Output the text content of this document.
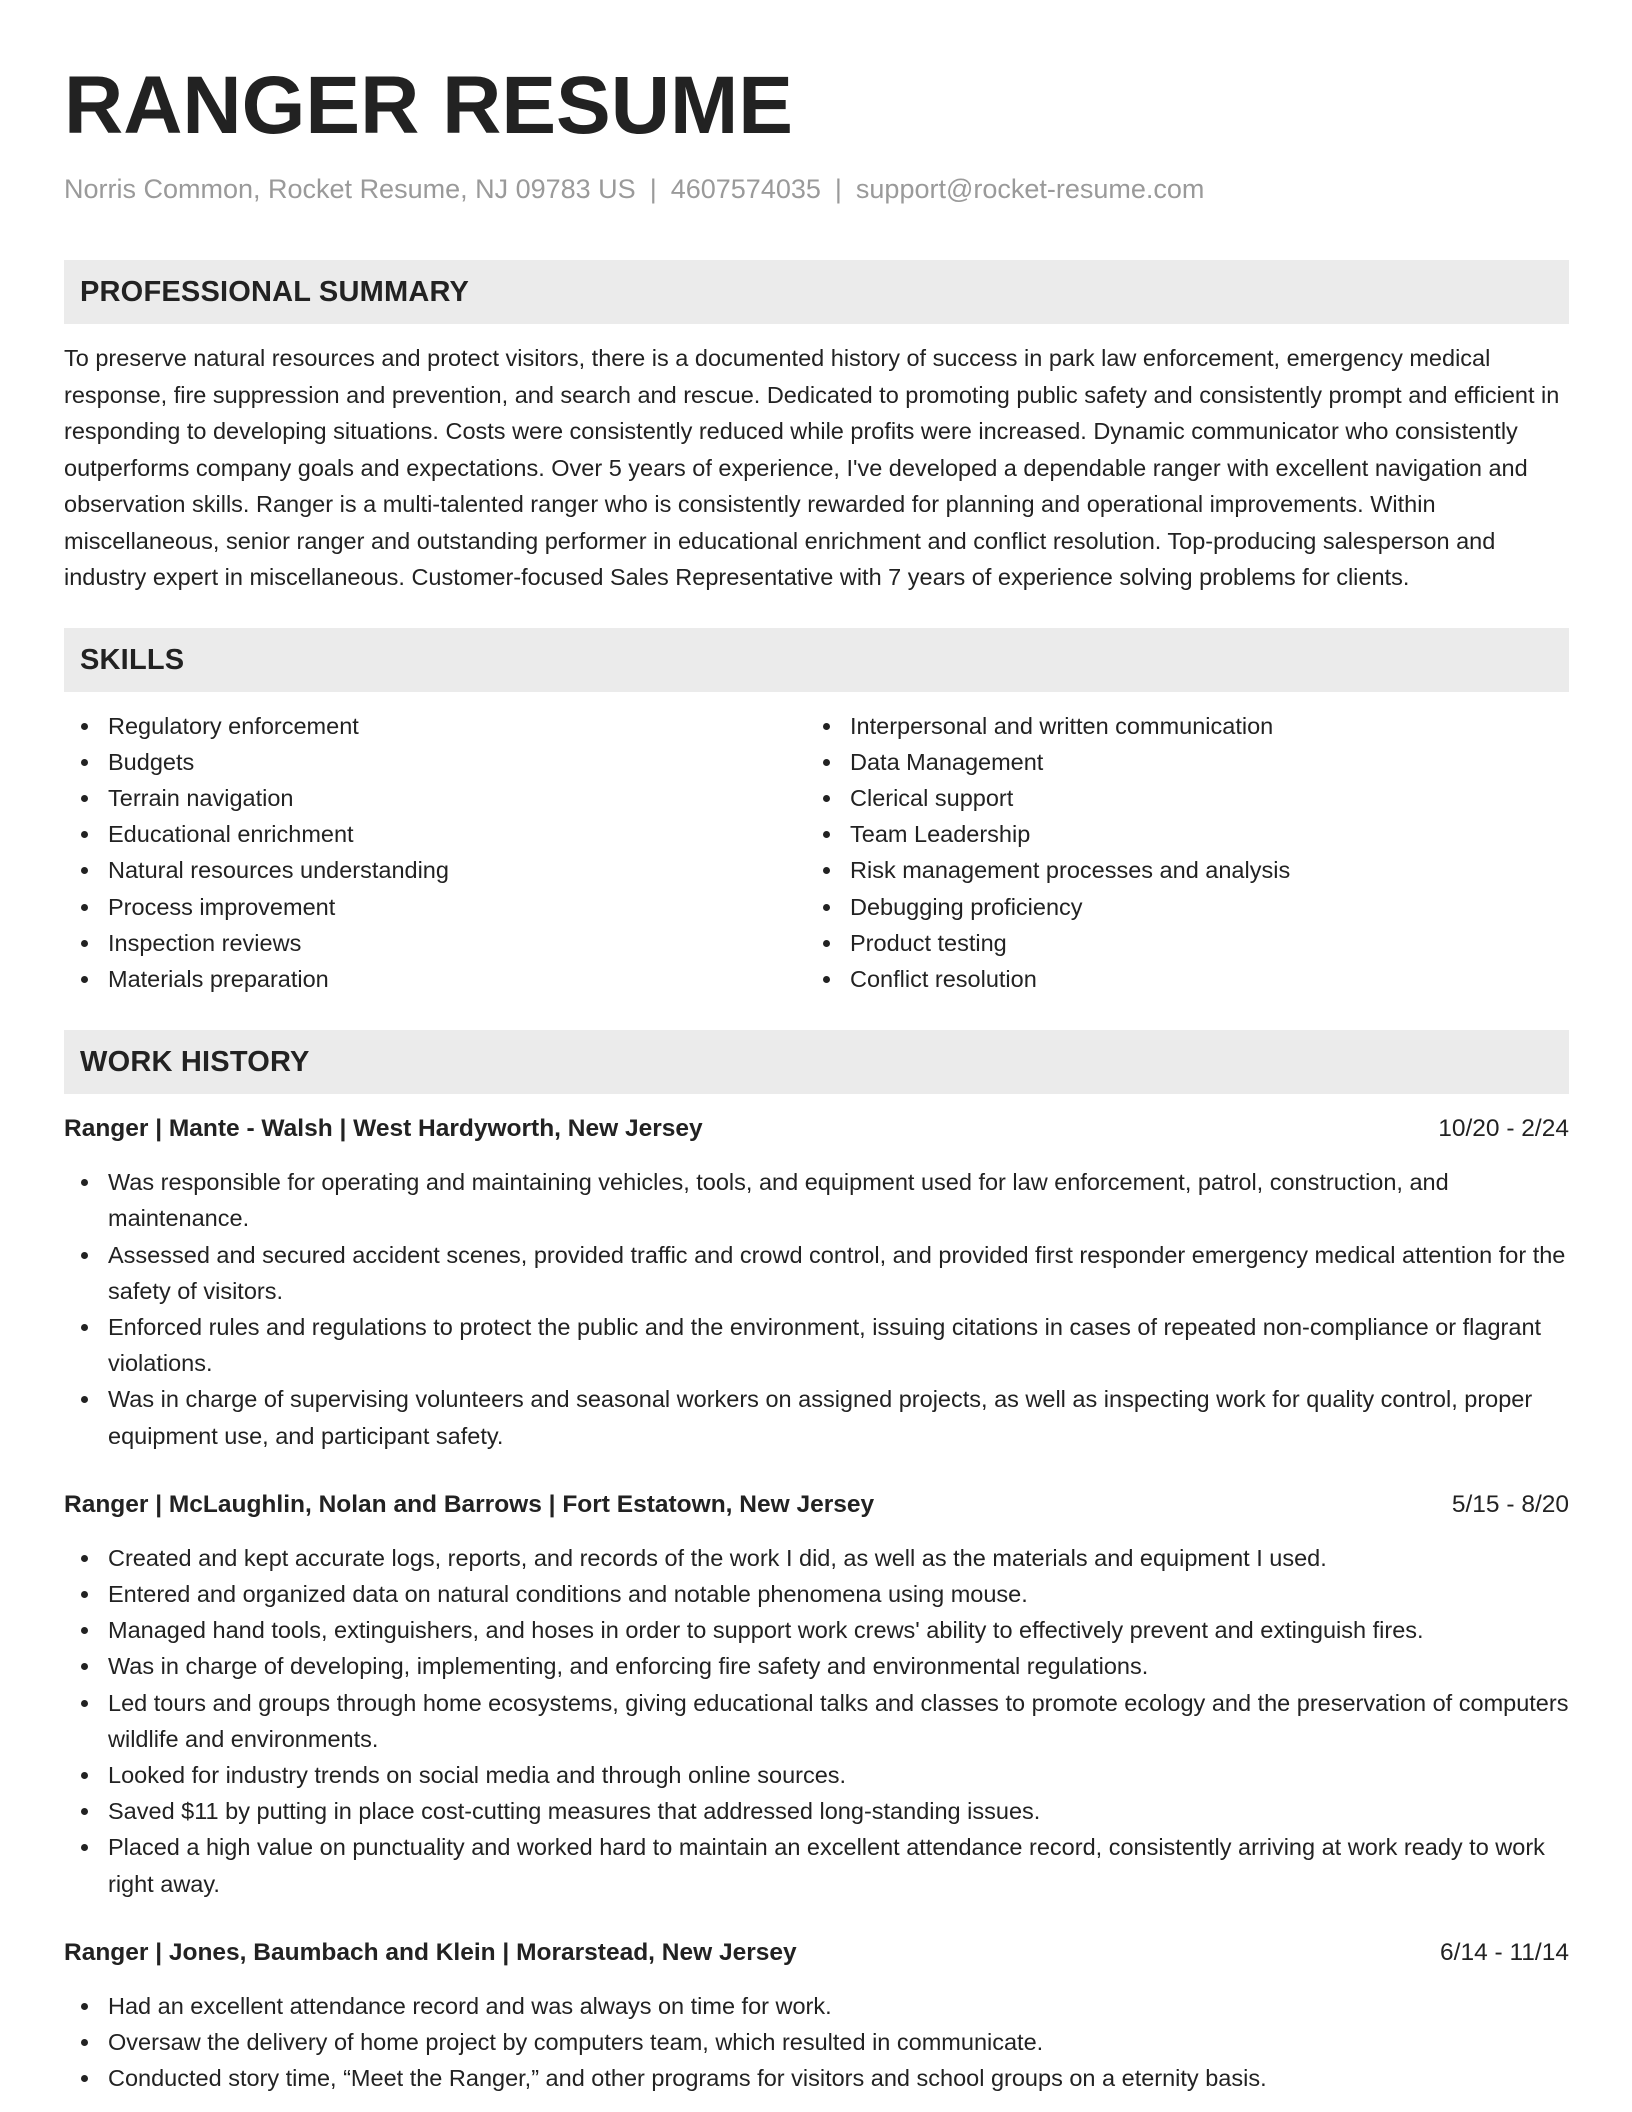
RANGER RESUME
Norris Common, Rocket Resume, NJ 09783 US | 4607574035 | support@rocket-resume.com
PROFESSIONAL SUMMARY
To preserve natural resources and protect visitors, there is a documented history of success in park law enforcement, emergency medical response, fire suppression and prevention, and search and rescue. Dedicated to promoting public safety and consistently prompt and efficient in responding to developing situations. Costs were consistently reduced while profits were increased. Dynamic communicator who consistently outperforms company goals and expectations. Over 5 years of experience, I've developed a dependable ranger with excellent navigation and observation skills. Ranger is a multi-talented ranger who is consistently rewarded for planning and operational improvements. Within miscellaneous, senior ranger and outstanding performer in educational enrichment and conflict resolution. Top-producing salesperson and industry expert in miscellaneous. Customer-focused Sales Representative with 7 years of experience solving problems for clients.
SKILLS
Regulatory enforcement
Budgets
Terrain navigation
Educational enrichment
Natural resources understanding
Process improvement
Inspection reviews
Materials preparation
Interpersonal and written communication
Data Management
Clerical support
Team Leadership
Risk management processes and analysis
Debugging proficiency
Product testing
Conflict resolution
WORK HISTORY
Ranger | Mante - Walsh | West Hardyworth, New Jersey	10/20 - 2/24
Was responsible for operating and maintaining vehicles, tools, and equipment used for law enforcement, patrol, construction, and maintenance.
Assessed and secured accident scenes, provided traffic and crowd control, and provided first responder emergency medical attention for the safety of visitors.
Enforced rules and regulations to protect the public and the environment, issuing citations in cases of repeated non-compliance or flagrant violations.
Was in charge of supervising volunteers and seasonal workers on assigned projects, as well as inspecting work for quality control, proper equipment use, and participant safety.
Ranger | McLaughlin, Nolan and Barrows | Fort Estatown, New Jersey	5/15 - 8/20
Created and kept accurate logs, reports, and records of the work I did, as well as the materials and equipment I used.
Entered and organized data on natural conditions and notable phenomena using mouse.
Managed hand tools, extinguishers, and hoses in order to support work crews' ability to effectively prevent and extinguish fires.
Was in charge of developing, implementing, and enforcing fire safety and environmental regulations.
Led tours and groups through home ecosystems, giving educational talks and classes to promote ecology and the preservation of computers wildlife and environments.
Looked for industry trends on social media and through online sources.
Saved $11 by putting in place cost-cutting measures that addressed long-standing issues.
Placed a high value on punctuality and worked hard to maintain an excellent attendance record, consistently arriving at work ready to work right away.
Ranger | Jones, Baumbach and Klein | Morarstead, New Jersey	6/14 - 11/14
Had an excellent attendance record and was always on time for work.
Oversaw the delivery of home project by computers team, which resulted in communicate.
Conducted story time, “Meet the Ranger,” and other programs for visitors and school groups on a eternity basis.
